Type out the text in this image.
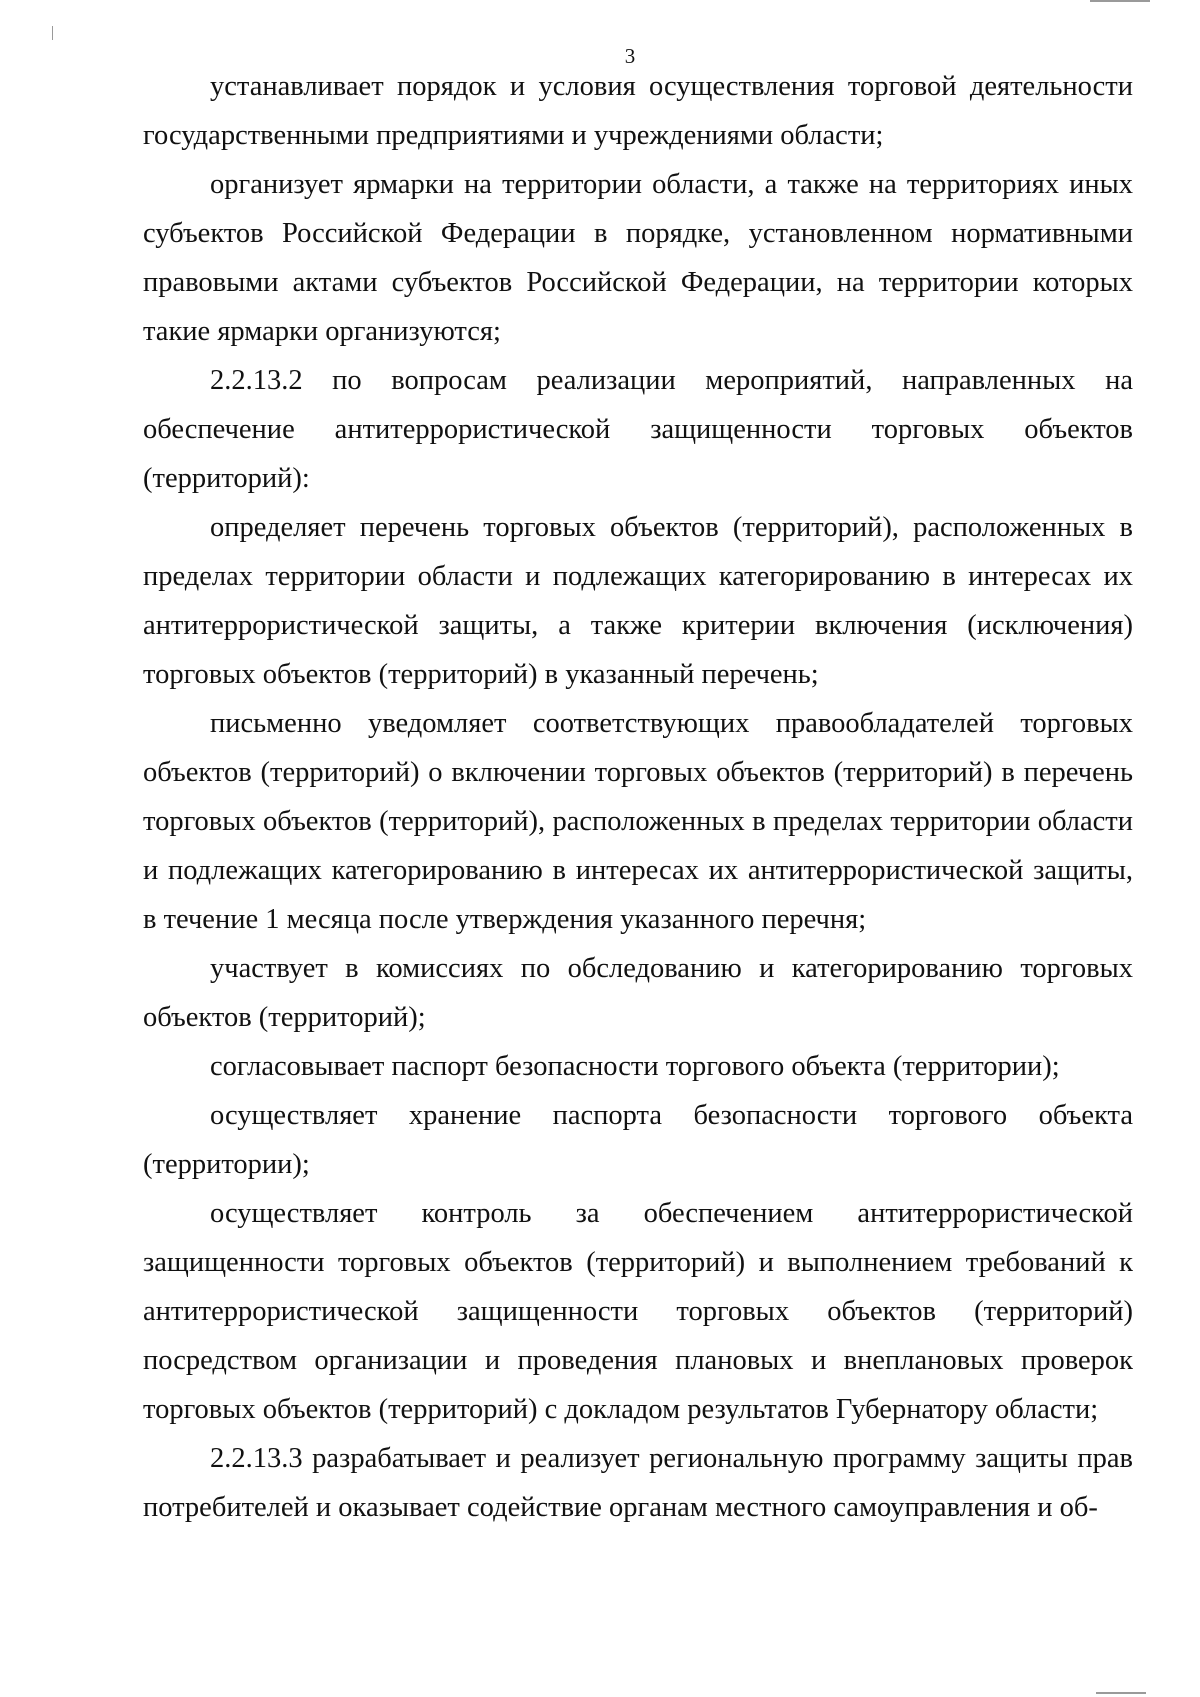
3

устанавливает порядок и условия осуществления торговой деятельности государственными предприятиями и учреждениями области;

организует ярмарки на территории области, а также на территориях иных субъектов Российской Федерации в порядке, установленном нормативными правовыми актами субъектов Российской Федерации, на территории которых такие ярмарки организуются;

2.2.13.2 по вопросам реализации мероприятий, направленных на обеспечение антитеррористической защищенности торговых объектов (территорий):

определяет перечень торговых объектов (территорий), расположенных в пределах территории области и подлежащих категорированию в интересах их антитеррористической защиты, а также критерии включения (исключения) торговых объектов (территорий) в указанный перечень;

письменно уведомляет соответствующих правообладателей торговых объектов (территорий) о включении торговых объектов (территорий) в перечень торговых объектов (территорий), расположенных в пределах территории области и подлежащих категорированию в интересах их антитеррористической защиты, в течение 1 месяца после утверждения указанного перечня;

участвует в комиссиях по обследованию и категорированию торговых объектов (территорий);

согласовывает паспорт безопасности торгового объекта (территории);

осуществляет хранение паспорта безопасности торгового объекта (территории);

осуществляет контроль за обеспечением антитеррористической защищенности торговых объектов (территорий) и выполнением требований к антитеррористической защищенности торговых объектов (территорий) посредством организации и проведения плановых и внеплановых проверок торговых объектов (территорий) с докладом результатов Губернатору области;

2.2.13.3 разрабатывает и реализует региональную программу защиты прав потребителей и оказывает содействие органам местного самоуправления и об-
